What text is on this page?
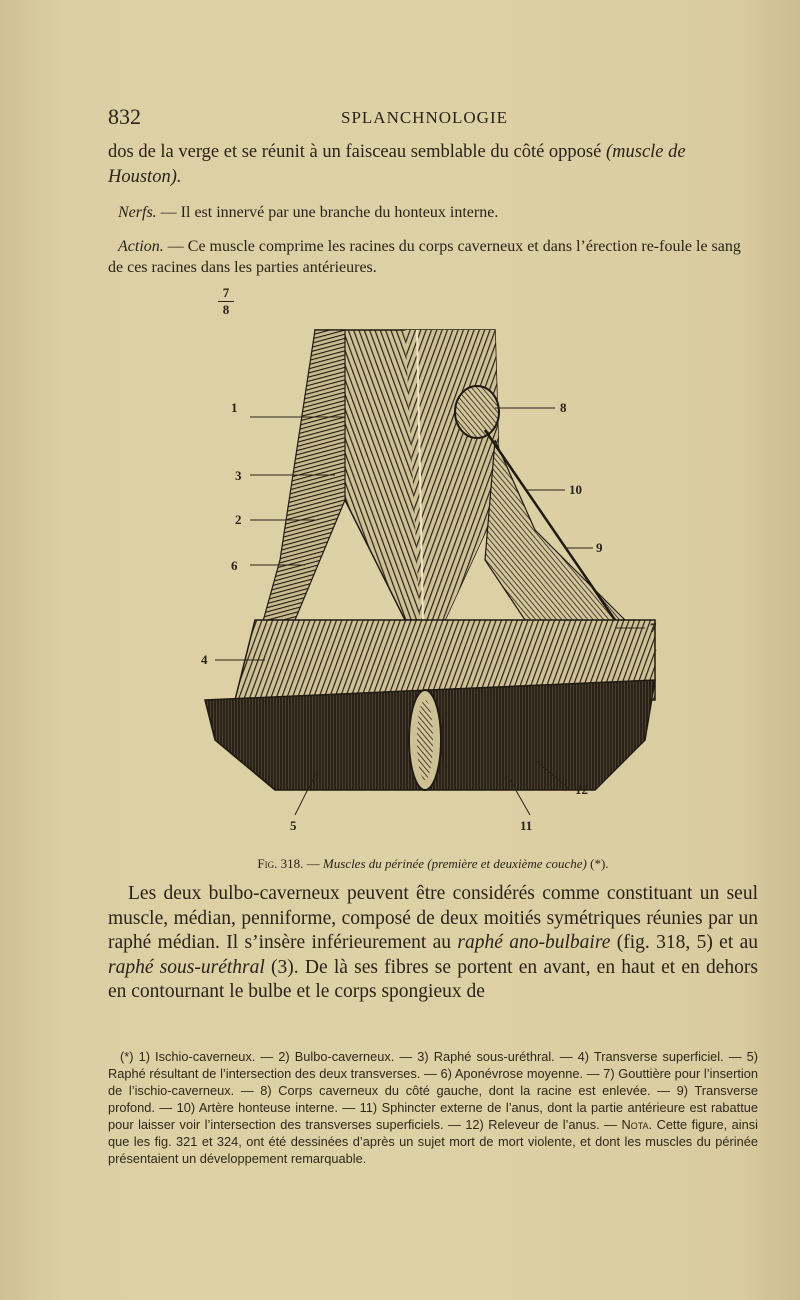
832	SPLANCHNOLOGIE

dos de la verge et se réunit à un faisceau semblable du côté opposé (muscle de Houston).

Nerfs. — Il est innervé par une branche du honteux interne.

Action. — Ce muscle comprime les racines du corps caverneux et dans l’érection re-foule le sang de ces racines dans les parties antérieures.

7
8
1
3
2
6
4
8
10
9
7
12
5	11
Fig. 318. — Muscles du périnée (première et deuxième couche) (*).

Les deux bulbo-caverneux peuvent être considérés comme constituant un seul muscle, médian, penniforme, composé de deux moitiés symétriques réunies par un raphé médian. Il s’insère inférieurement au raphé ano-bulbaire (fig. 318, 5) et au raphé sous-uréthral (3). De là ses fibres se portent en avant, en haut et en dehors en contournant le bulbe et le corps spongieux de

(*) 1) Ischio-caverneux. — 2) Bulbo-caverneux. — 3) Raphé sous-uréthral. — 4) Transverse superficiel. — 5) Raphé résultant de l’intersection des deux transverses. — 6) Aponévrose moyenne. — 7) Gouttière pour l’insertion de l’ischio-caverneux. — 8) Corps caverneux du côté gauche, dont la racine est enlevée. — 9) Transverse profond. — 10) Artère honteuse interne. — 11) Sphincter externe de l’anus, dont la partie antérieure est rabattue pour laisser voir l’intersection des transverses superficiels. — 12) Releveur de l’anus. — Nota. Cette figure, ainsi que les fig. 321 et 324, ont été dessinées d’après un sujet mort de mort violente, et dont les muscles du périnée présentaient un développement remarquable.
